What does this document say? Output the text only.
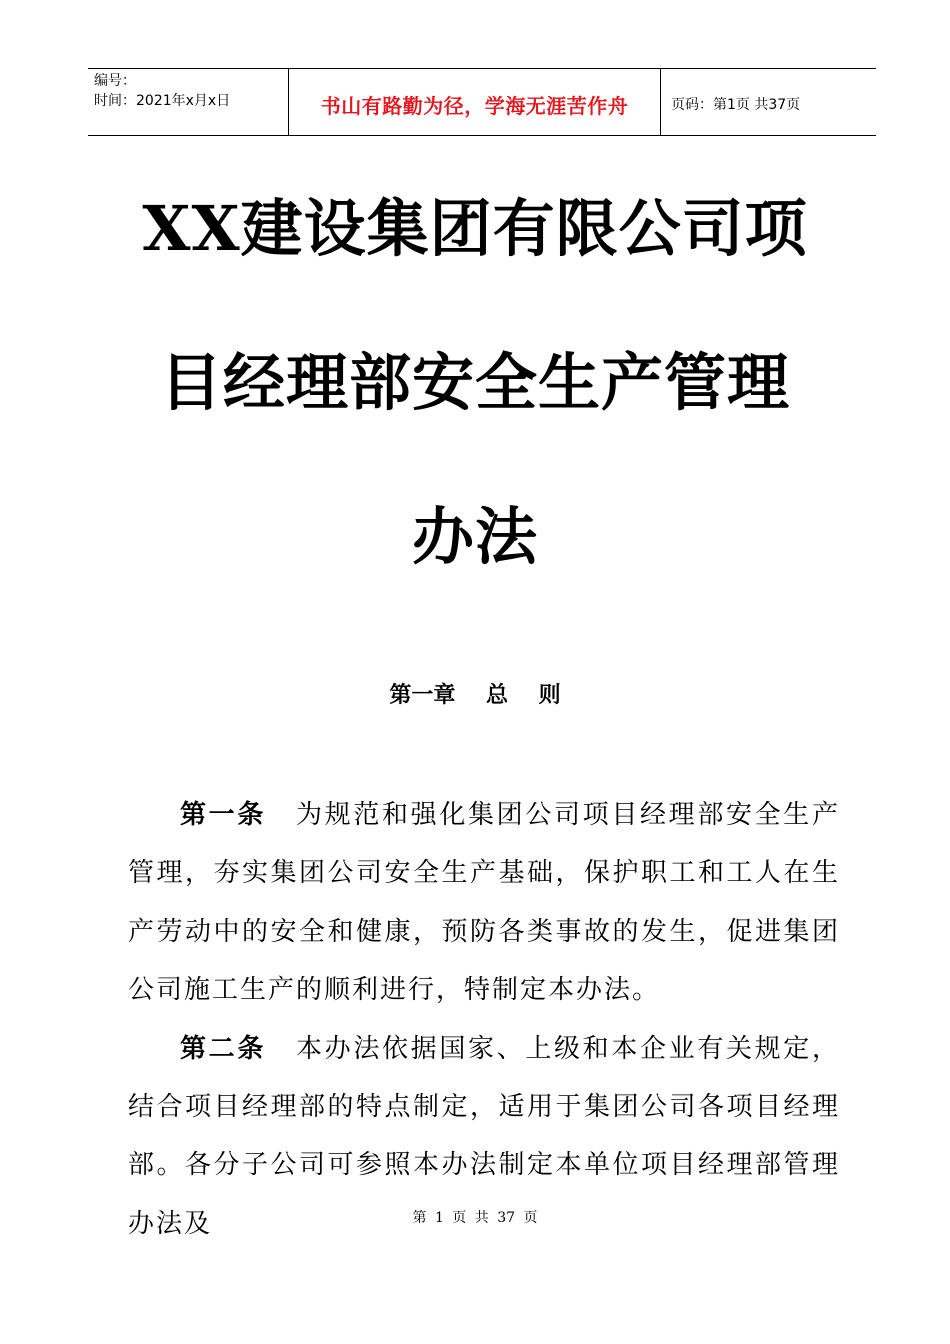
编号：
时间：2021年x月x日	书山有路勤为径，学海无涯苦作舟	页码：第1页 共37页
XX建设集团有限公司项
目经理部安全生产管理
办法
第一章    总    则

第一条 为规范和强化集团公司项目经理部安全生产管理，夯实集团公司安全生产基础，保护职工和工人在生产劳动中的安全和健康，预防各类事故的发生，促进集团公司施工生产的顺利进行，特制定本办法。

第二条 本办法依据国家、上级和本企业有关规定，结合项目经理部的特点制定，适用于集团公司各项目经理部。各分子公司可参照本办法制定本单位项目经理部管理办法及	第 1 页 共 37 页
